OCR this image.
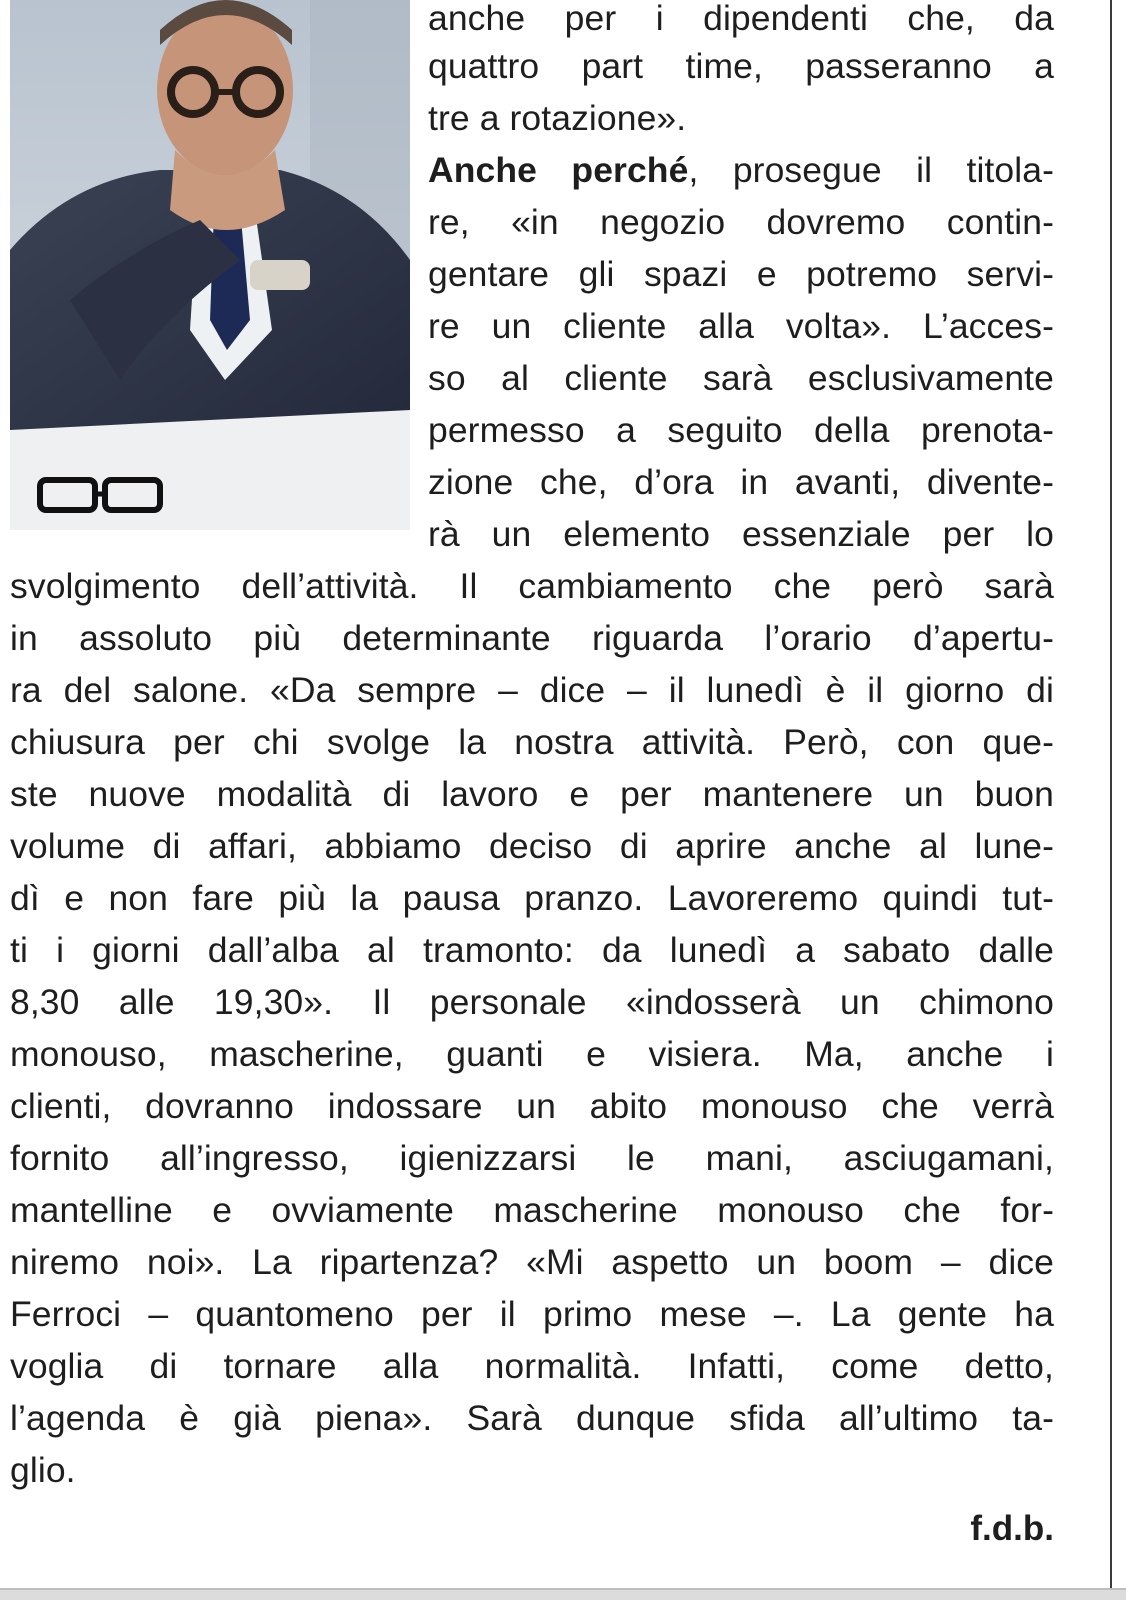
anche per i dipendenti che, da
quattro part time, passeranno a
tre a rotazione».
Anche perché, prosegue il titola-
re, «in negozio dovremo contin-
gentare gli spazi e potremo servi-
re un cliente alla volta». L’acces-
so al cliente sarà esclusivamente
permesso a seguito della prenota-
zione che, d’ora in avanti, divente-
rà un elemento essenziale per lo
svolgimento dell’attività. Il cambiamento che però sarà
in assoluto più determinante riguarda l’orario d’apertu-
ra del salone. «Da sempre – dice – il lunedì è il giorno di
chiusura per chi svolge la nostra attività. Però, con que-
ste nuove modalità di lavoro e per mantenere un buon
volume di affari, abbiamo deciso di aprire anche al lune-
dì e non fare più la pausa pranzo. Lavoreremo quindi tut-
ti i giorni dall’alba al tramonto: da lunedì a sabato dalle
8,30 alle 19,30». Il personale «indosserà un chimono
monouso, mascherine, guanti e visiera. Ma, anche i
clienti, dovranno indossare un abito monouso che verrà
fornito all’ingresso, igienizzarsi le mani, asciugamani,
mantelline e ovviamente mascherine monouso che for-
niremo noi». La ripartenza? «Mi aspetto un boom – dice
Ferroci – quantomeno per il primo mese –. La gente ha
voglia di tornare alla normalità. Infatti, come detto,
l’agenda è già piena». Sarà dunque sfida all’ultimo ta-
glio.
f.d.b.
